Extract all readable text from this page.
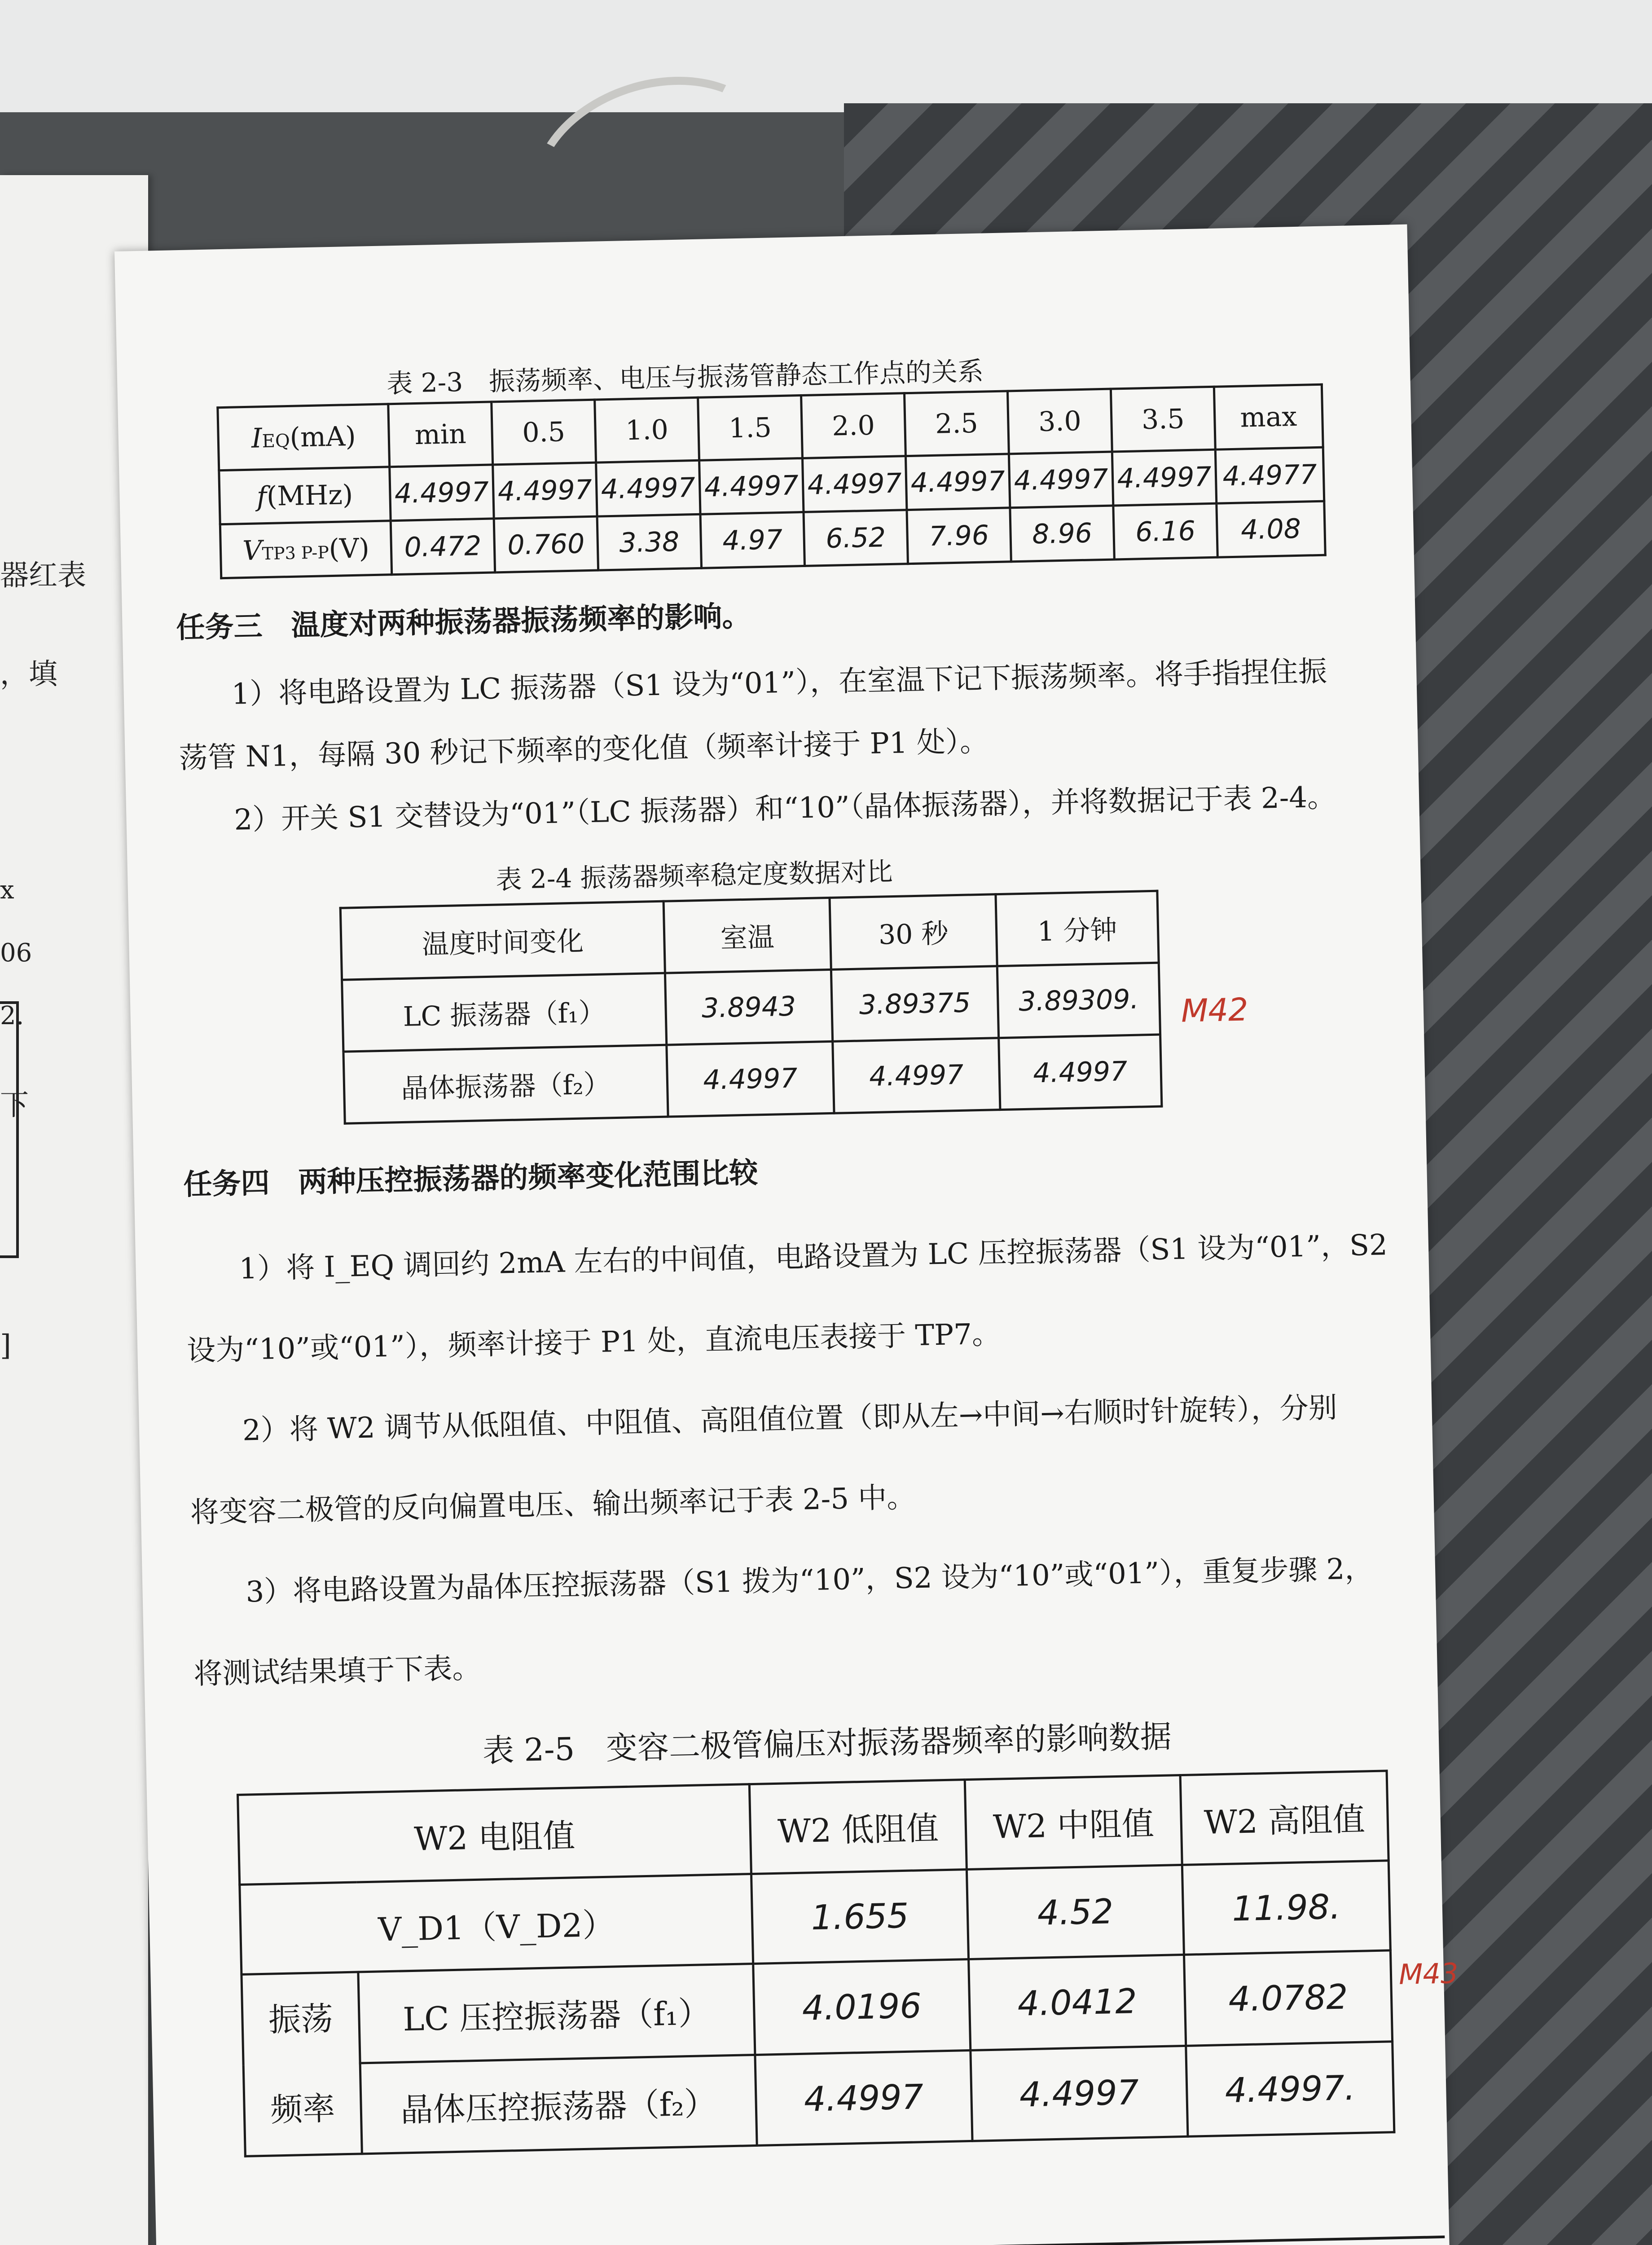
器红表
，填
x
06
2.
下
]
表 2-3　振荡频率、电压与振荡管静态工作点的关系
IEQ(mA)	min	0.5	1.0	1.5	2.0	2.5	3.0	3.5	max
f(MHz)	4.4997	4.4997	4.4997	4.4997	4.4997	4.4997	4.4997	4.4997	4.4977
VTP3 P-P(V)	0.472	0.760	3.38	4.97	6.52	7.96	8.96	6.16	4.08
任务三　温度对两种振荡器振荡频率的影响。
1）将电路设置为 LC 振荡器（S1 设为“01”），在室温下记下振荡频率。将手指捏住振
荡管 N1，每隔 30 秒记下频率的变化值（频率计接于 P1 处）。
2）开关 S1 交替设为“01”（LC 振荡器）和“10”（晶体振荡器），并将数据记于表 2-4。
表 2-4 振荡器频率稳定度数据对比
温度时间变化	室温	30 秒	1 分钟
LC 振荡器（f₁）	3.8943	3.89375	3.89309.
晶体振荡器（f₂）	4.4997	4.4997	4.4997
M42
任务四　两种压控振荡器的频率变化范围比较
1）将 I_EQ 调回约 2mA 左右的中间值，电路设置为 LC 压控振荡器（S1 设为“01”，S2
设为“10”或“01”），频率计接于 P1 处，直流电压表接于 TP7。
2）将 W2 调节从低阻值、中阻值、高阻值位置（即从左→中间→右顺时针旋转），分别
将变容二极管的反向偏置电压、输出频率记于表 2-5 中。
3）将电路设置为晶体压控振荡器（S1 拨为“10”，S2 设为“10”或“01”），重复步骤 2，
将测试结果填于下表。
表 2-5　变容二极管偏压对振荡器频率的影响数据
W2 电阻值		W2 低阻值	W2 中阻值	W2 高阻值
V_D1（V_D2）		1.655	4.52	11.98.
振荡
频率	LC 压控振荡器（f₁）	4.0196	4.0412	4.0782
	晶体压控振荡器（f₂）	4.4997	4.4997	4.4997.
M43
